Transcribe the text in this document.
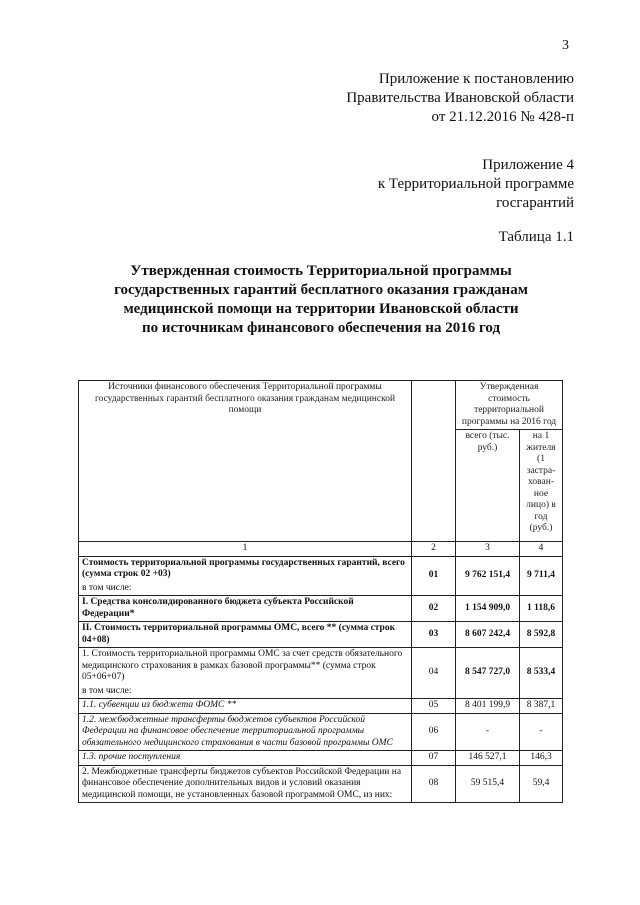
3
Приложение к постановлению
Правительства Ивановской области
от 21.12.2016 № 428-п
Приложение 4
к Территориальной программе
госгарантий
Таблица 1.1
Утвержденная стоимость Территориальной программы
государственных гарантий бесплатного оказания гражданам
медицинской помощи на территории Ивановской области
по источникам финансового обеспечения на 2016 год
Источники финансового обеспечения Территориальной программы государственных гарантий бесплатного оказания гражданам медицинской помощи		Утвержденная стоимость территориальной программы на 2016 год	
		всего (тыс. руб.)	на 1 жителя (1 застра-хован-ное лицо) в год (руб.)
1	2	3	4
Стоимость территориальной программы государственных гарантий, всего (сумма строк 02 +03)
в том числе:	01	9 762 151,4	9 711,4
I. Средства консолидированного бюджета субъекта Российской Федерации*	02	1 154 909,0	1 118,6
II. Стоимость территориальной программы ОМС, всего ** (сумма строк 04+08)	03	8 607 242,4	8 592,8
1. Стоимость территориальной программы ОМС за счет средств обязательного медицинского страхования в рамках базовой программы** (сумма строк 05+06+07)
в том числе:	04	8 547 727,0	8 533,4
1.1. субвенции из бюджета ФОМС **	05	8 401 199,9	8 387,1
1.2. межбюджетные трансферты бюджетов субъектов Российской Федерации на финансовое обеспечение территориальной программы обязательного медицинского страхования в части базовой программы ОМС	06	-	-
1.3. прочие поступления	07	146 527,1	146,3
2. Межбюджетные трансферты бюджетов субъектов Российской Федерации на финансовое обеспечение дополнительных видов и условий оказания медицинской помощи, не установленных базовой программой ОМС, из них:	08	59 515,4	59,4
